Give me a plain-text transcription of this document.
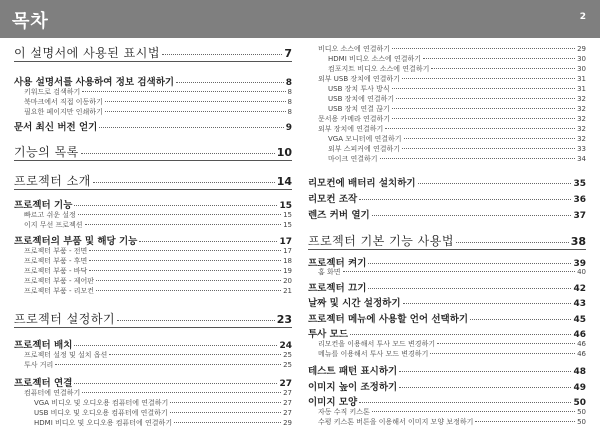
목차	2
이 설명서에 사용된 표시법	7
사용 설명서를 사용하여 정보 검색하기	8
키워드로 검색하기	8
북마크에서 직접 이동하기	8
필요한 페이지만 인쇄하기	8
문서 최신 버전 얻기	9
기능의 목록	10
프로젝터 소개	14
프로젝터 기능	15
빠르고 쉬운 설정	15
이지 무선 프로젝션	15
프로젝터의 부품 및 해당 기능	17
프로젝터 부품 - 전면	17
프로젝터 부품 - 후면	18
프로젝터 부품 - 바닥	19
프로젝터 부품 - 제어판	20
프로젝터 부품 - 리모컨	21
프로젝터 설정하기	23
프로젝터 배치	24
프로젝터 설정 및 설치 옵션	25
투사 거리	25
프로젝터 연결	27
컴퓨터에 연결하기	27
VGA 비디오 및 오디오용 컴퓨터에 연결하기	27
USB 비디오 및 오디오용 컴퓨터에 연결하기	27
HDMI 비디오 및 오디오용 컴퓨터에 연결하기	29
비디오 소스에 연결하기	29
HDMI 비디오 소스에 연결하기	30
컴포지트 비디오 소스에 연결하기	30
외부 USB 장치에 연결하기	31
USB 장치 투사 방식	31
USB 장치에 연결하기	32
USB 장치 연결 끊기	32
문서용 카메라 연결하기	32
외부 장치에 연결하기	32
VGA 모니터에 연결하기	32
외부 스피커에 연결하기	33
마이크 연결하기	34
리모컨에 배터리 설치하기	35
리모컨 조작	36
렌즈 커버 열기	37
프로젝터 기본 기능 사용법	38
프로젝터 켜기	39
홈 화면	40
프로젝터 끄기	42
날짜 및 시간 설정하기	43
프로젝터 메뉴에 사용할 언어 선택하기	45
투사 모드	46
리모컨을 이용해서 투사 모드 변경하기	46
메뉴를 이용해서 투사 모드 변경하기	46
테스트 패턴 표시하기	48
이미지 높이 조정하기	49
이미지 모양	50
자동 수직 키스톤	50
수평 키스톤 버튼을 이용해서 이미지 모양 보정하기	50
